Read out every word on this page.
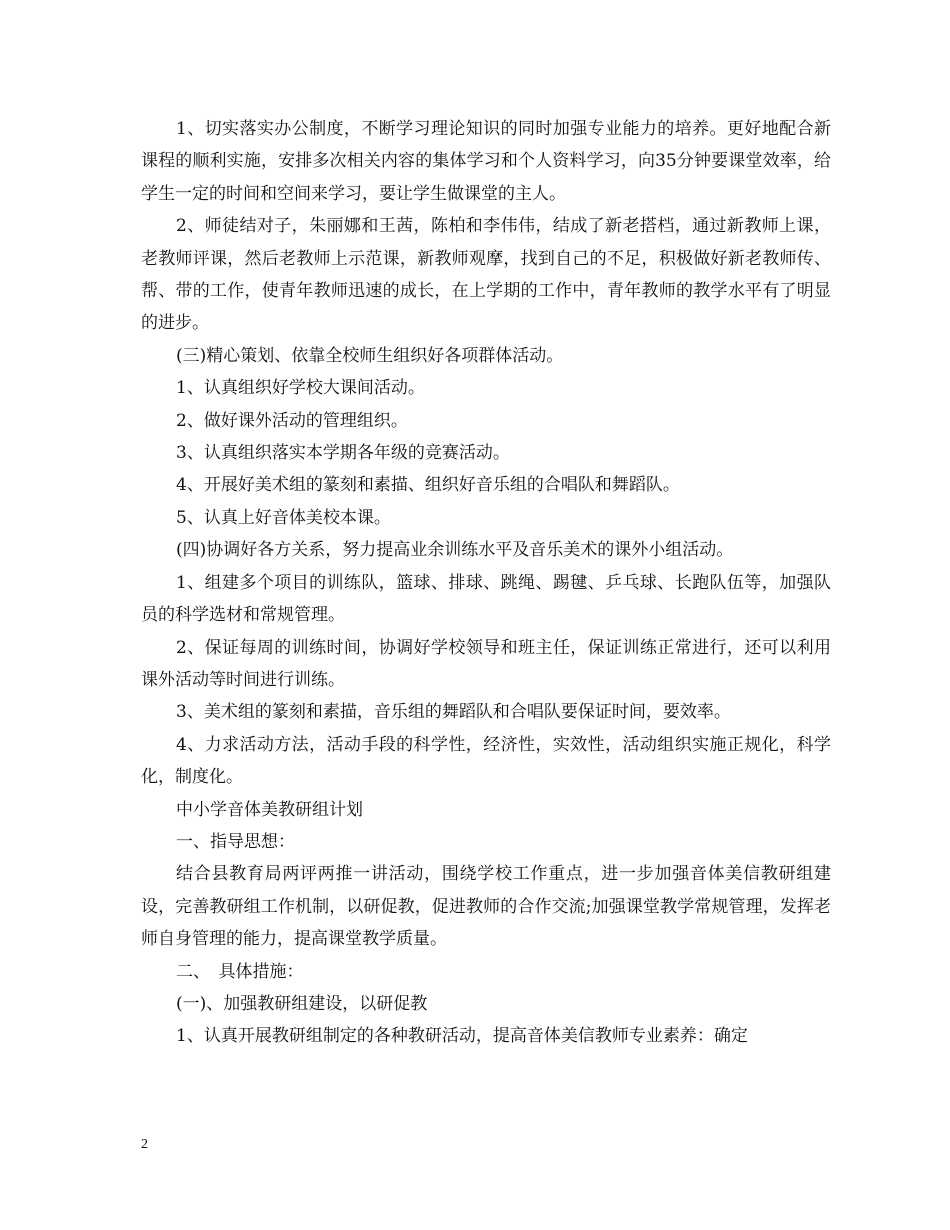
1、切实落实办公制度，不断学习理论知识的同时加强专业能力的培养。更好地配合新课程的顺利实施，安排多次相关内容的集体学习和个人资料学习，向35分钟要课堂效率，给学生一定的时间和空间来学习，要让学生做课堂的主人。

2、师徒结对子，朱丽娜和王茜，陈柏和李伟伟，结成了新老搭档，通过新教师上课，老教师评课，然后老教师上示范课，新教师观摩，找到自己的不足，积极做好新老教师传、帮、带的工作，使青年教师迅速的成长，在上学期的工作中，青年教师的教学水平有了明显的进步。

(三)精心策划、依靠全校师生组织好各项群体活动。

1、认真组织好学校大课间活动。

2、做好课外活动的管理组织。

3、认真组织落实本学期各年级的竞赛活动。

4、开展好美术组的篆刻和素描、组织好音乐组的合唱队和舞蹈队。

5、认真上好音体美校本课。

(四)协调好各方关系，努力提高业余训练水平及音乐美术的课外小组活动。

1、组建多个项目的训练队，篮球、排球、跳绳、踢毽、乒乓球、长跑队伍等，加强队员的科学选材和常规管理。

2、保证每周的训练时间，协调好学校领导和班主任，保证训练正常进行，还可以利用课外活动等时间进行训练。

3、美术组的篆刻和素描，音乐组的舞蹈队和合唱队要保证时间，要效率。

4、力求活动方法，活动手段的科学性，经济性，实效性，活动组织实施正规化，科学化，制度化。

中小学音体美教研组计划

一、指导思想：

结合县教育局两评两推一讲活动，围绕学校工作重点，进一步加强音体美信教研组建设，完善教研组工作机制，以研促教，促进教师的合作交流;加强课堂教学常规管理，发挥老师自身管理的能力，提高课堂教学质量。

二、　具体措施：

(一)、加强教研组建设，以研促教

1、认真开展教研组制定的各种教研活动，提高音体美信教师专业素养：确定

2
